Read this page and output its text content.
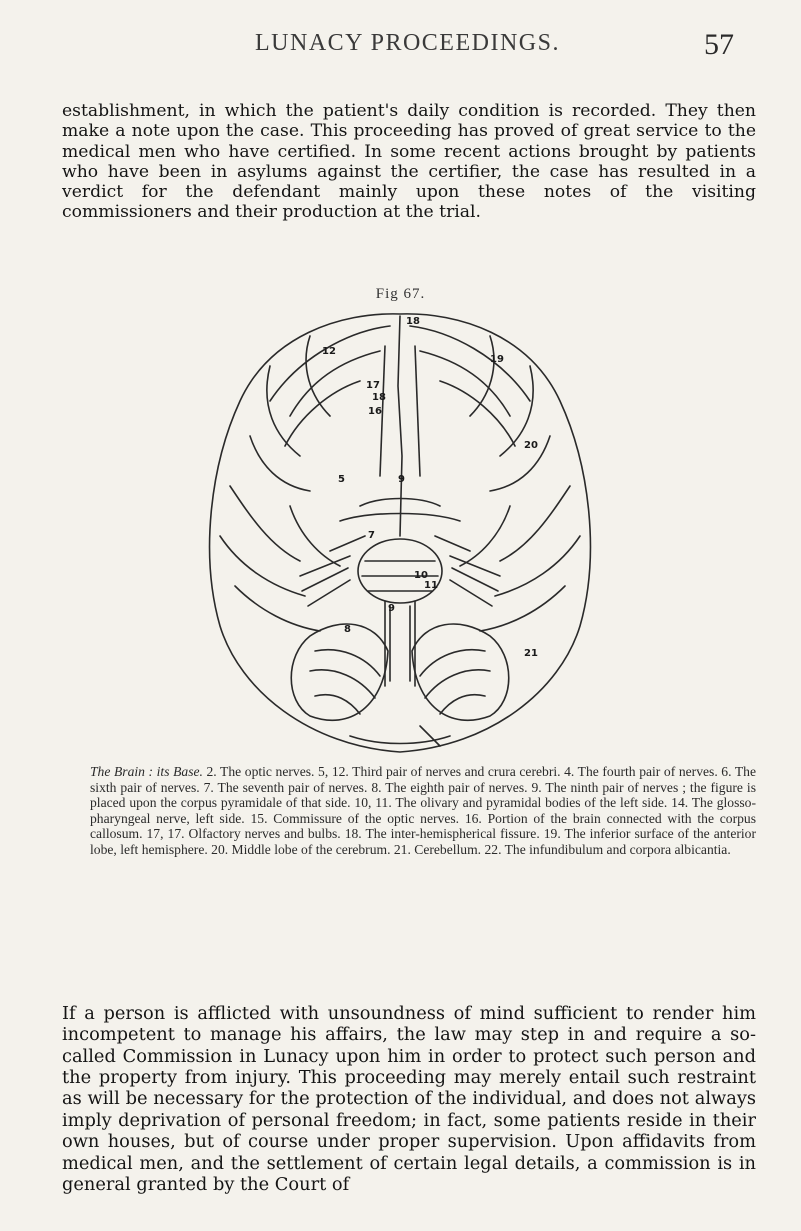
LUNACY PROCEEDINGS.	57

establishment, in which the patient's daily condition is recorded. They then make a note upon the case. This proceeding has proved of great service to the medical men who have certified. In some recent actions brought by patients who have been in asylums against the certifier, the case has resulted in a verdict for the defendant mainly upon these notes of the visiting commissioners and their production at the trial.

Fig 67.
18
12
19
17
18
16
20
5	9
7
10
11
9
8
21
The Brain : its Base. 2. The optic nerves. 5, 12. Third pair of nerves and crura cerebri. 4. The fourth pair of nerves. 6. The sixth pair of nerves. 7. The seventh pair of nerves. 8. The eighth pair of nerves. 9. The ninth pair of nerves ; the figure is placed upon the corpus pyramidale of that side. 10, 11. The olivary and pyramidal bodies of the left side. 14. The glosso-pharyngeal nerve, left side. 15. Commissure of the optic nerves. 16. Portion of the brain connected with the corpus callosum. 17, 17. Olfactory nerves and bulbs. 18. The inter-hemispherical fissure. 19. The inferior surface of the anterior lobe, left hemisphere. 20. Middle lobe of the cerebrum. 21. Cerebellum. 22. The infundibulum and corpora albicantia.

If a person is afflicted with unsoundness of mind sufficient to render him incompetent to manage his affairs, the law may step in and require a so-called Commission in Lunacy upon him in order to protect such person and the property from injury. This proceeding may merely entail such restraint as will be necessary for the protection of the individual, and does not always imply deprivation of personal freedom; in fact, some patients reside in their own houses, but of course under proper supervision. Upon affidavits from medical men, and the settlement of certain legal details, a commission is in general granted by the Court of
